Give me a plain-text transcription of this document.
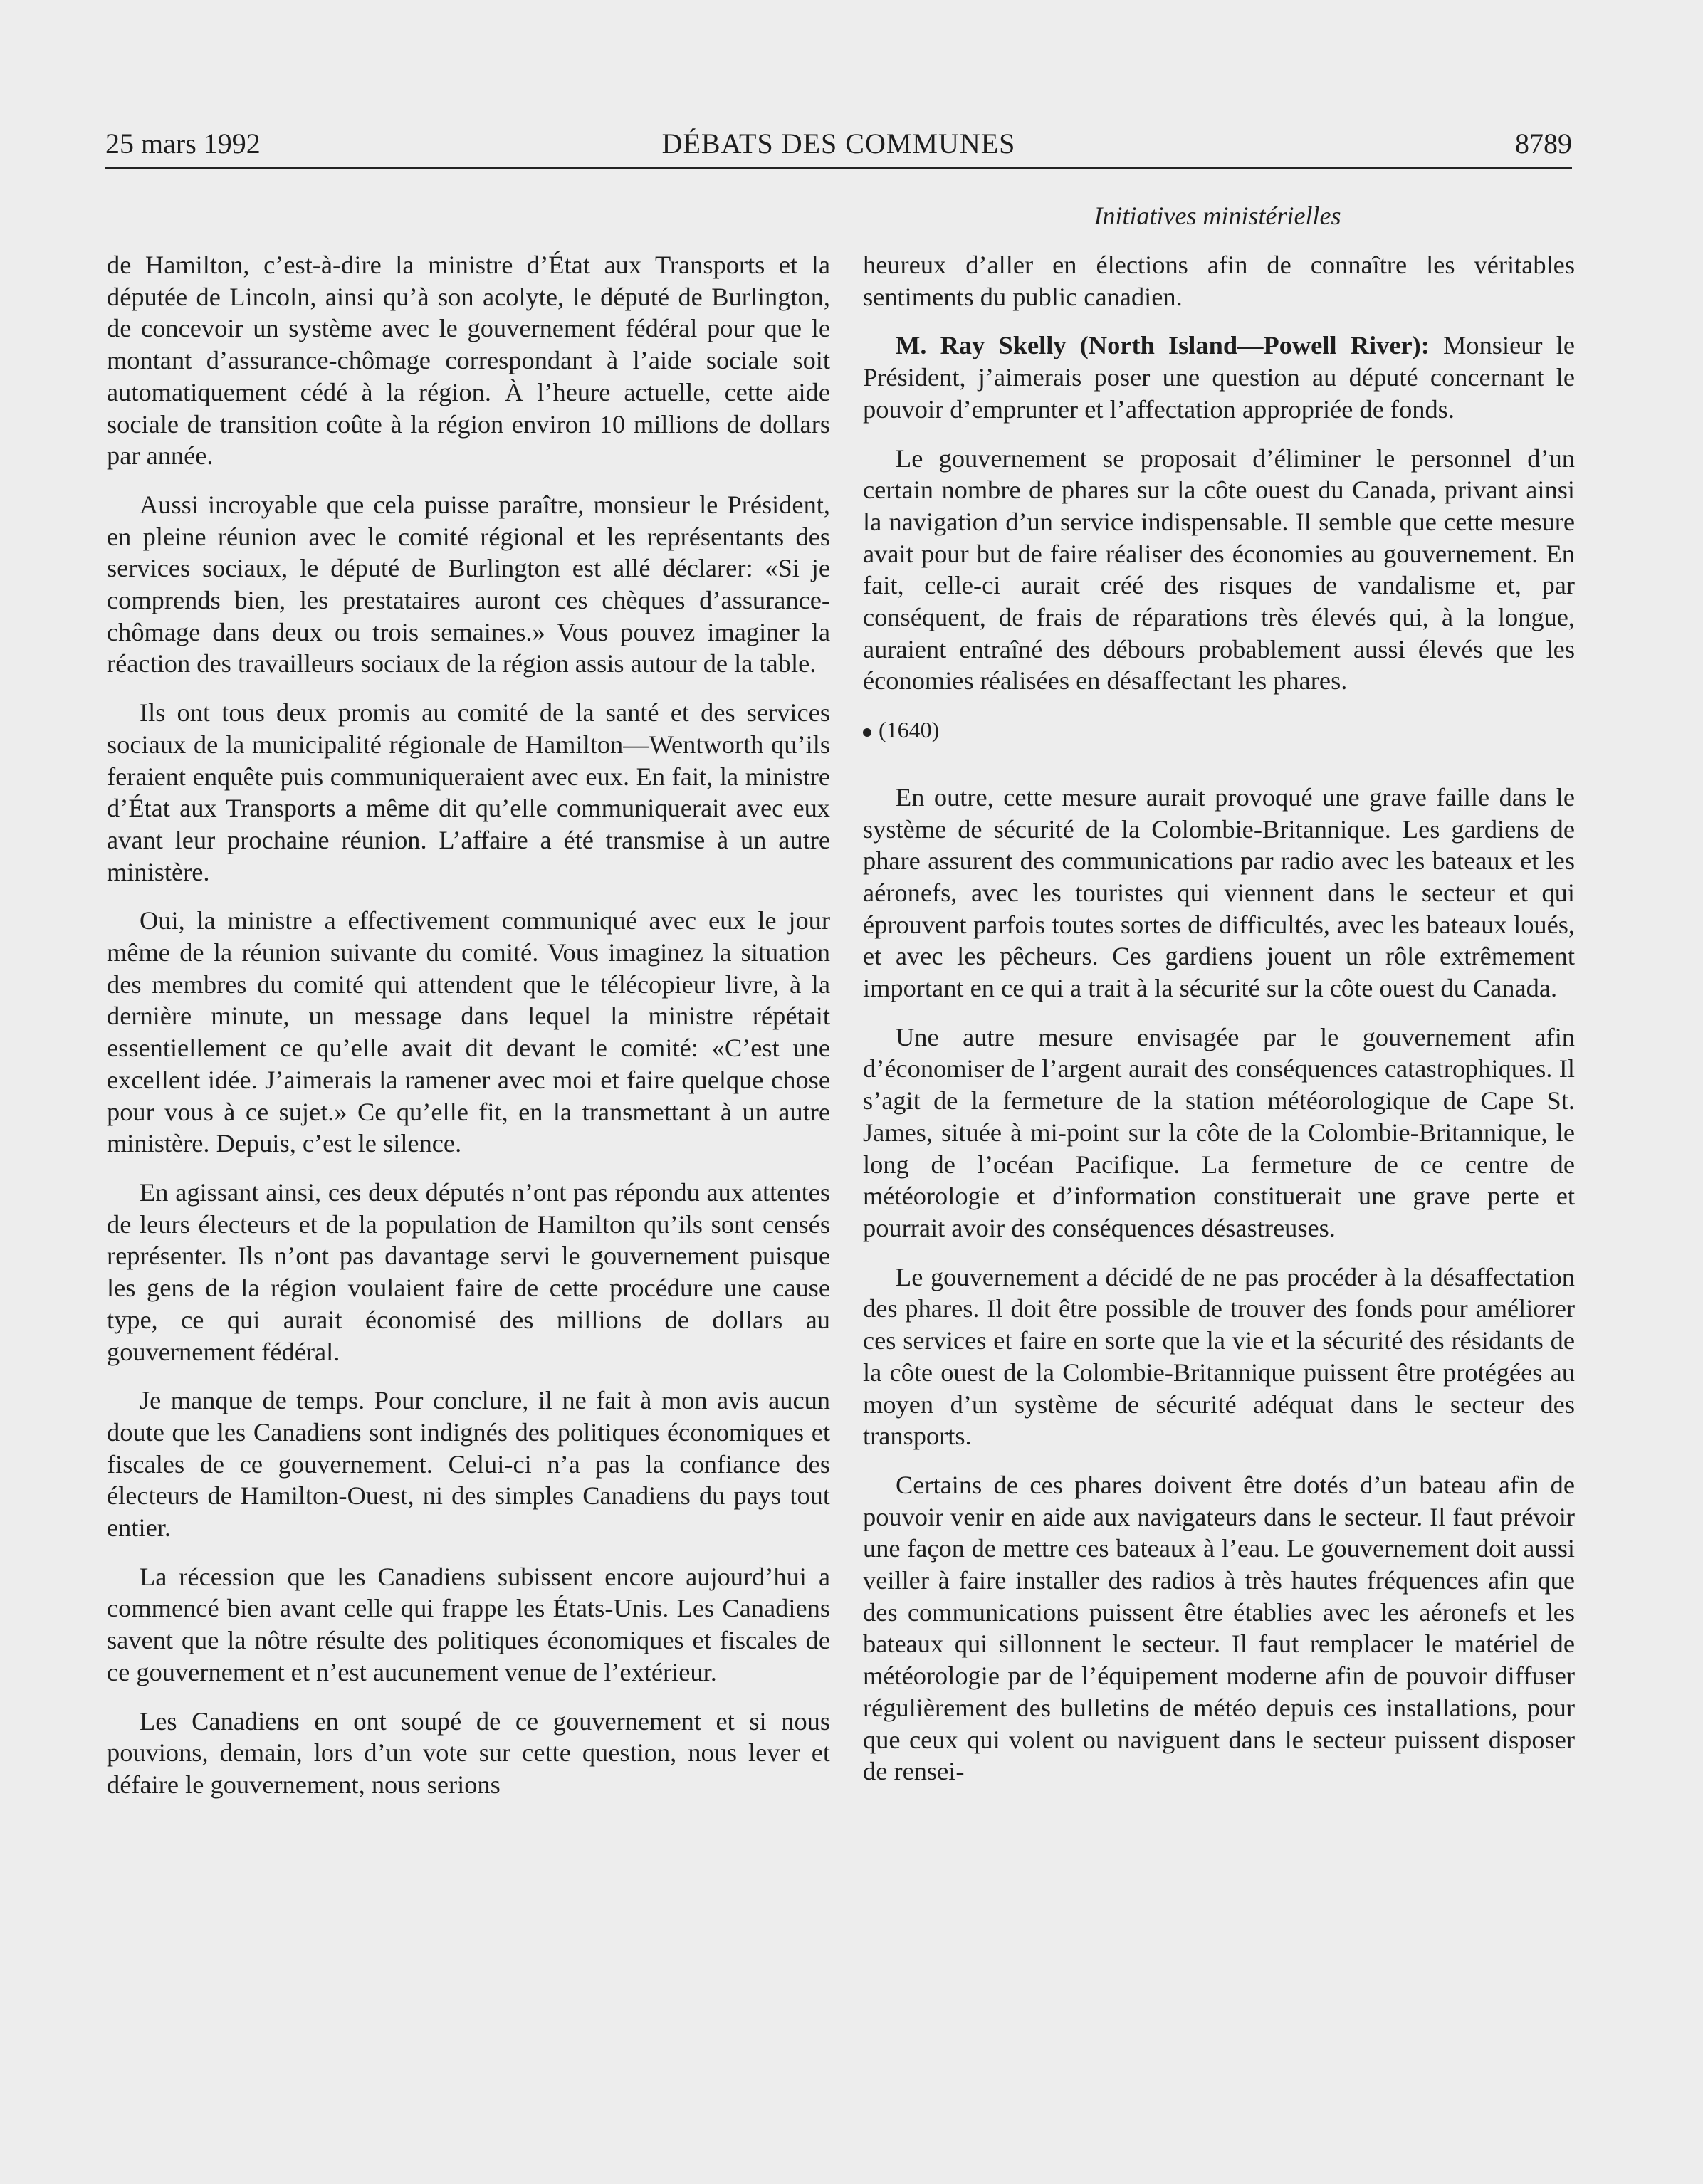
25 mars 1992	DÉBATS DES COMMUNES	8789
Initiatives ministérielles

de Hamilton, c’est-à-dire la ministre d’État aux Transports et la députée de Lincoln, ainsi qu’à son acolyte, le député de Burlington, de concevoir un système avec le gouvernement fédéral pour que le montant d’assurance-chômage correspondant à l’aide sociale soit automatiquement cédé à la région. À l’heure actuelle, cette aide sociale de transition coûte à la région environ 10 millions de dollars par année.

Aussi incroyable que cela puisse paraître, monsieur le Président, en pleine réunion avec le comité régional et les représentants des services sociaux, le député de Burlington est allé déclarer: «Si je comprends bien, les prestataires auront ces chèques d’assurance-chômage dans deux ou trois semaines.» Vous pouvez imaginer la réaction des travailleurs sociaux de la région assis autour de la table.

Ils ont tous deux promis au comité de la santé et des services sociaux de la municipalité régionale de Hamilton—Wentworth qu’ils feraient enquête puis communiqueraient avec eux. En fait, la ministre d’État aux Transports a même dit qu’elle communiquerait avec eux avant leur prochaine réunion. L’affaire a été transmise à un autre ministère.

Oui, la ministre a effectivement communiqué avec eux le jour même de la réunion suivante du comité. Vous imaginez la situation des membres du comité qui attendent que le télécopieur livre, à la dernière minute, un message dans lequel la ministre répétait essentiellement ce qu’elle avait dit devant le comité: «C’est une excellent idée. J’aimerais la ramener avec moi et faire quelque chose pour vous à ce sujet.» Ce qu’elle fit, en la transmettant à un autre ministère. Depuis, c’est le silence.

En agissant ainsi, ces deux députés n’ont pas répondu aux attentes de leurs électeurs et de la population de Hamilton qu’ils sont censés représenter. Ils n’ont pas davantage servi le gouvernement puisque les gens de la région voulaient faire de cette procédure une cause type, ce qui aurait économisé des millions de dollars au gouvernement fédéral.

Je manque de temps. Pour conclure, il ne fait à mon avis aucun doute que les Canadiens sont indignés des politiques économiques et fiscales de ce gouvernement. Celui-ci n’a pas la confiance des électeurs de Hamilton-Ouest, ni des simples Canadiens du pays tout entier.

La récession que les Canadiens subissent encore aujourd’hui a commencé bien avant celle qui frappe les États-Unis. Les Canadiens savent que la nôtre résulte des politiques économiques et fiscales de ce gouvernement et n’est aucunement venue de l’extérieur.

Les Canadiens en ont soupé de ce gouvernement et si nous pouvions, demain, lors d’un vote sur cette question, nous lever et défaire le gouvernement, nous serions

heureux d’aller en élections afin de connaître les véritables sentiments du public canadien.

M. Ray Skelly (North Island—Powell River): Monsieur le Président, j’aimerais poser une question au député concernant le pouvoir d’emprunter et l’affectation appropriée de fonds.

Le gouvernement se proposait d’éliminer le personnel d’un certain nombre de phares sur la côte ouest du Canada, privant ainsi la navigation d’un service indispensable. Il semble que cette mesure avait pour but de faire réaliser des économies au gouvernement. En fait, celle-ci aurait créé des risques de vandalisme et, par conséquent, de frais de réparations très élevés qui, à la longue, auraient entraîné des débours probablement aussi élevés que les économies réalisées en désaffectant les phares.

(1640)

En outre, cette mesure aurait provoqué une grave faille dans le système de sécurité de la Colombie-Britannique. Les gardiens de phare assurent des communications par radio avec les bateaux et les aéronefs, avec les touristes qui viennent dans le secteur et qui éprouvent parfois toutes sortes de difficultés, avec les bateaux loués, et avec les pêcheurs. Ces gardiens jouent un rôle extrêmement important en ce qui a trait à la sécurité sur la côte ouest du Canada.

Une autre mesure envisagée par le gouvernement afin d’économiser de l’argent aurait des conséquences catastrophiques. Il s’agit de la fermeture de la station météorologique de Cape St. James, située à mi-point sur la côte de la Colombie-Britannique, le long de l’océan Pacifique. La fermeture de ce centre de météorologie et d’information constituerait une grave perte et pourrait avoir des conséquences désastreuses.

Le gouvernement a décidé de ne pas procéder à la désaffectation des phares. Il doit être possible de trouver des fonds pour améliorer ces services et faire en sorte que la vie et la sécurité des résidants de la côte ouest de la Colombie-Britannique puissent être protégées au moyen d’un système de sécurité adéquat dans le secteur des transports.

Certains de ces phares doivent être dotés d’un bateau afin de pouvoir venir en aide aux navigateurs dans le secteur. Il faut prévoir une façon de mettre ces bateaux à l’eau. Le gouvernement doit aussi veiller à faire installer des radios à très hautes fréquences afin que des communications puissent être établies avec les aéronefs et les bateaux qui sillonnent le secteur. Il faut remplacer le matériel de météorologie par de l’équipement moderne afin de pouvoir diffuser régulièrement des bulletins de météo depuis ces installations, pour que ceux qui volent ou naviguent dans le secteur puissent disposer de rensei-
